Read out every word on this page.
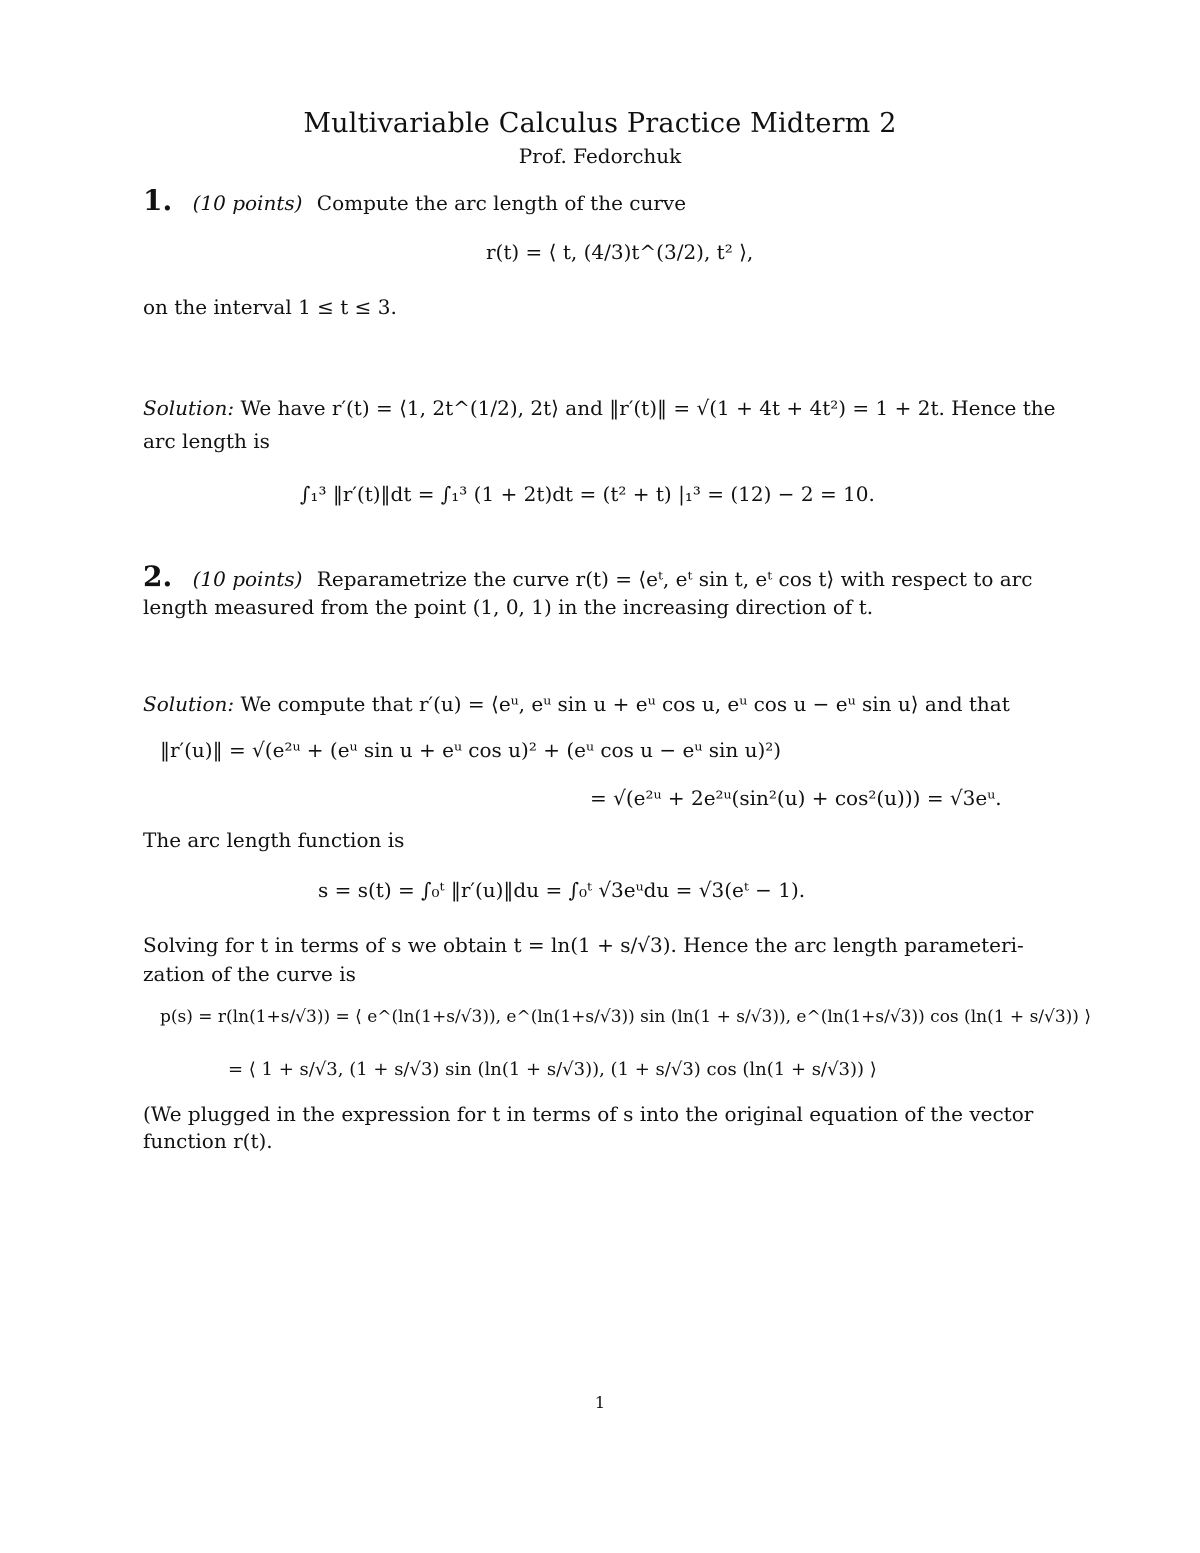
Multivariable Calculus Practice Midterm 2
Prof. Fedorchuk
1. (10 points) Compute the arc length of the curve
r(t) = ⟨ t, (4/3)t^(3/2), t² ⟩,
on the interval 1 ≤ t ≤ 3.
Solution: We have r′(t) = ⟨1, 2t^(1/2), 2t⟩ and ‖r′(t)‖ = √(1 + 4t + 4t²) = 1 + 2t. Hence the
arc length is
∫₁³ ‖r′(t)‖dt = ∫₁³ (1 + 2t)dt = (t² + t) |₁³ = (12) − 2 = 10.
2. (10 points) Reparametrize the curve r(t) = ⟨eᵗ, eᵗ sin t, eᵗ cos t⟩ with respect to arc
length measured from the point (1, 0, 1) in the increasing direction of t.
Solution: We compute that r′(u) = ⟨eᵘ, eᵘ sin u + eᵘ cos u, eᵘ cos u − eᵘ sin u⟩ and that
‖r′(u)‖ = √(e²ᵘ + (eᵘ sin u + eᵘ cos u)² + (eᵘ cos u − eᵘ sin u)²)
= √(e²ᵘ + 2e²ᵘ(sin²(u) + cos²(u))) = √3eᵘ.
The arc length function is
s = s(t) = ∫₀ᵗ ‖r′(u)‖du = ∫₀ᵗ √3eᵘdu = √3(eᵗ − 1).
Solving for t in terms of s we obtain t = ln(1 + s/√3). Hence the arc length parameteri-
zation of the curve is
p(s) = r(ln(1+s/√3)) = ⟨ e^(ln(1+s/√3)), e^(ln(1+s/√3)) sin (ln(1 + s/√3)), e^(ln(1+s/√3)) cos (ln(1 + s/√3)) ⟩
= ⟨ 1 + s/√3, (1 + s/√3) sin (ln(1 + s/√3)), (1 + s/√3) cos (ln(1 + s/√3)) ⟩
(We plugged in the expression for t in terms of s into the original equation of the vector
function r(t).
1
